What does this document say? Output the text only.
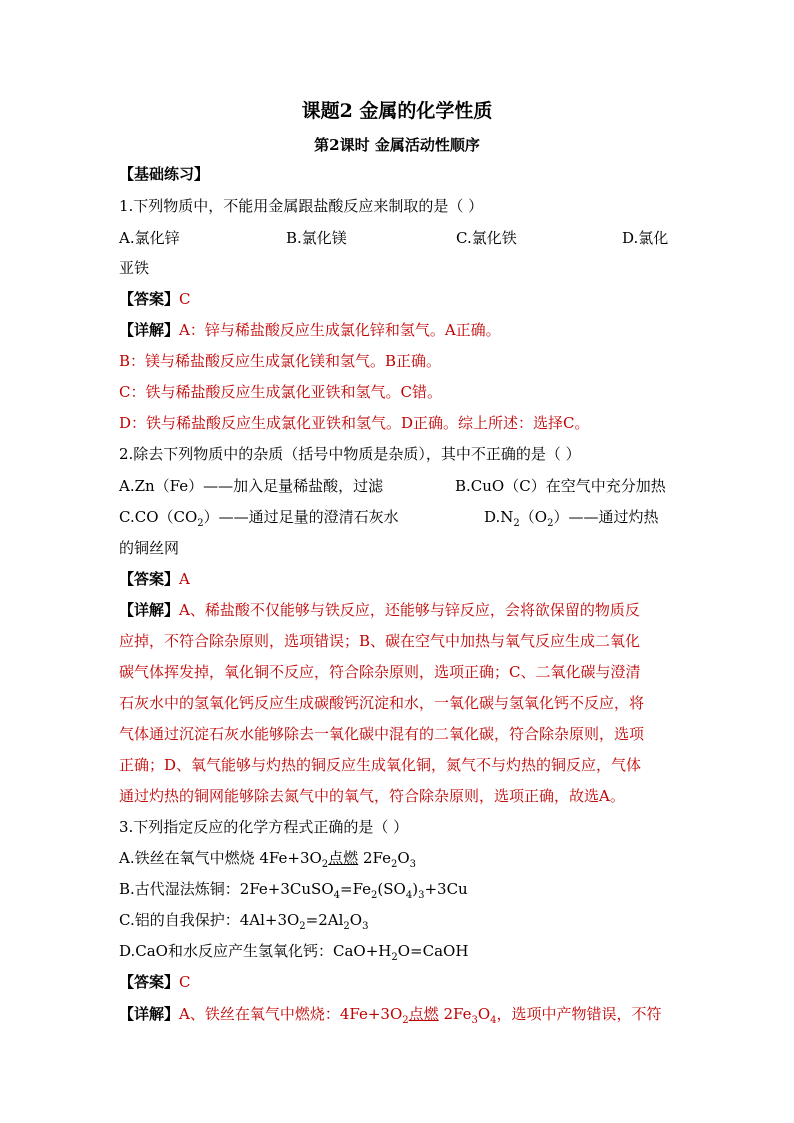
课题2 金属的化学性质
第2课时 金属活动性顺序
【基础练习】
1.下列物质中，不能用金属跟盐酸反应来制取的是（ ）
A.氯化锌	B.氯化镁	C.氯化铁	D.氯化
亚铁
【答案】C
【详解】A：锌与稀盐酸反应生成氯化锌和氢气。A正确。
B：镁与稀盐酸反应生成氯化镁和氢气。B正确。
C：铁与稀盐酸反应生成氯化亚铁和氢气。C错。
D：铁与稀盐酸反应生成氯化亚铁和氢气。D正确。综上所述：选择C。
2.除去下列物质中的杂质（括号中物质是杂质），其中不正确的是（ ）
A.Zn（Fe）——加入足量稀盐酸，过滤	B.CuO（C）在空气中充分加热
$C.CO(CO_2)——$通过足量的澄清石灰水	$D.N_2(O_2)——$通过灼热
的铜丝网
【答案】A
【详解】A、稀盐酸不仅能够与铁反应，还能够与锌反应，会将欲保留的物质反
应掉，不符合除杂原则，选项错误；B、碳在空气中加热与氧气反应生成二氧化
碳气体挥发掉，氧化铜不反应，符合除杂原则，选项正确；C、二氧化碳与澄清
石灰水中的氢氧化钙反应生成碳酸钙沉淀和水，一氧化碳与氢氧化钙不反应，将
气体通过沉淀石灰水能够除去一氧化碳中混有的二氧化碳，符合除杂原则，选项
正确；D、氧气能够与灼热的铜反应生成氧化铜，氮气不与灼热的铜反应，气体
通过灼热的铜网能够除去氮气中的氧气，符合除杂原则，选项正确，故选A。
3.下列指定反应的化学方程式正确的是（ ）
A.铁丝在氧气中燃烧 $4Fe+3O_2$点燃 $2Fe_2O_3$
B.古代湿法炼铜：$2Fe+3CuSO_4=Fe_2(SO_4)_3+3Cu$
C.铝的自我保护：$4Al+3O_2=2Al_2O_3$
D.CaO和水反应产生氢氧化钙：$CaO+H_2O=CaOH$
【答案】C
【详解】A、铁丝在氧气中燃烧：$4Fe+3O_2$点燃 $2Fe_3O_4$，选项中产物错误，不符
